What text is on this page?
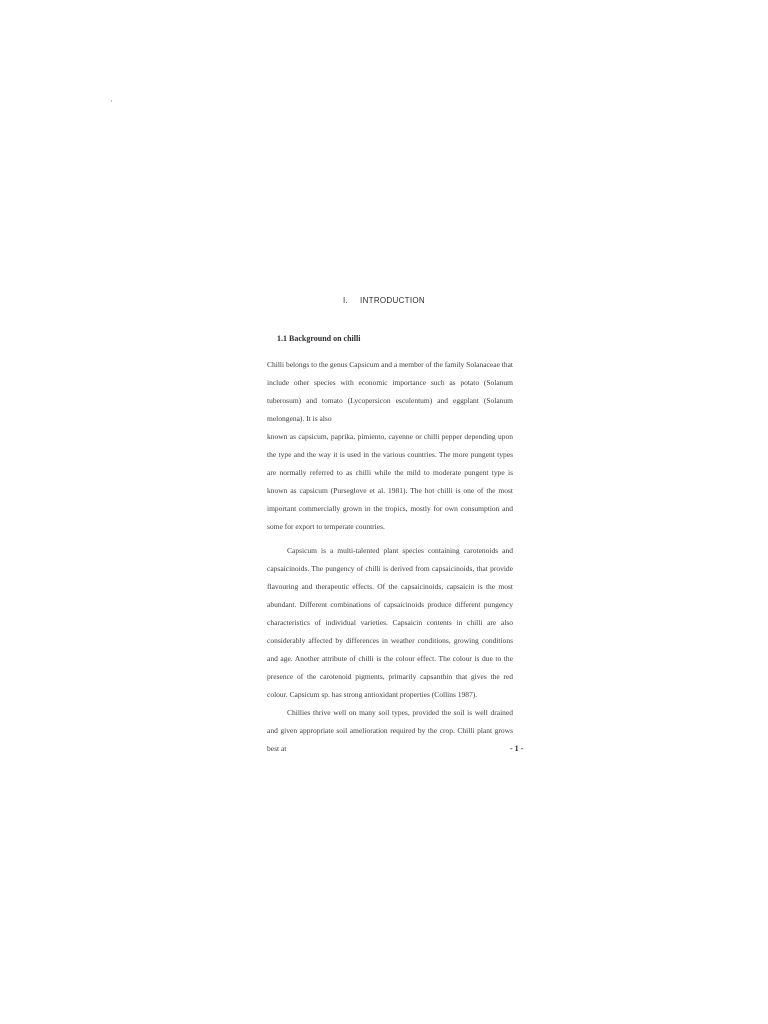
·
I. INTRODUCTION
1.1 Background on chilli

Chilli belongs to the genus Capsicum and a member of the family Solanaceae that include other species with economic importance such as potato (Solanum tuberosum) and tomato (Lycopersicon esculentum) and eggplant (Solanum melongena). It is also

known as capsicum, paprika, pimiento, cayenne or chilli pepper depending upon the type and the way it is used in the various countries. The more pungent types are normally referred to as chilli while the mild to moderate pungent type is known as capsicum (Purseglove et al. 1981). The hot chilli is one of the most important commercially grown in the tropics, mostly for own consumption and some for export to temperate countries.

Capsicum is a multi-talented plant species containing carotenoids and capsaicinoids. The pungency of chilli is derived from capsaicinoids, that provide flavouring and therapeutic effects. Of the capsaicinoids, capsaicin is the most abundant. Different combinations of capsaicinoids produce different pungency characteristics of individual varieties. Capsaicin contents in chilli are also considerably affected by differences in weather conditions, growing conditions and age. Another attribute of chilli is the colour effect. The colour is due to the presence of the carotenoid pigments, primarily capsanthin that gives the red colour. Capsicum sp. has strong antioxidant properties (Collins 1987).

Chillies thrive well on many soil types, provided the soil is well drained and given appropriate soil amelioration required by the crop. Chilli plant grows best at	- 1 -
